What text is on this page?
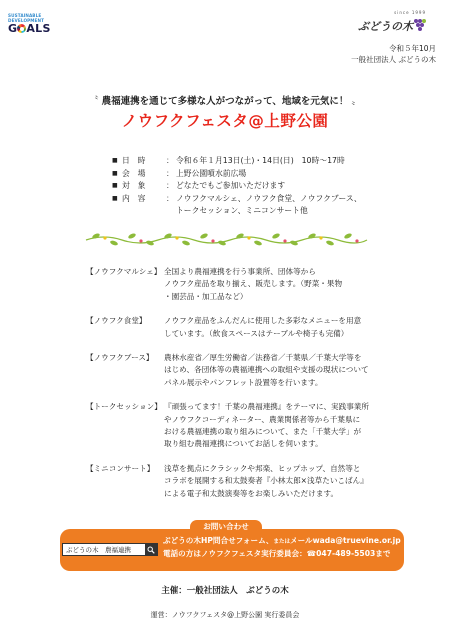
SUSTAINABLE
DEVELOPMENT
G ALS
since 1999
ぶどうの木
令和５年10月
一般社団法人 ぶどうの木
〝 農福連携を通じて多様な人がつながって、地域を元気に！ 〟
ノウフクフェスタ@上野公園
■ 日　時	： 令和６年１月13日(土)・14日(日)　10時～17時
■ 会　場	： 上野公園噴水前広場
■ 対　象	： どなたでもご参加いただけます
■ 内　容	： ノウフクマルシェ、ノウフク食堂、ノウフクブース、
トークセッション、ミニコンサート他
【ノウフクマルシェ】 全国より農福連携を行う事業所、団体等から
ノウフク産品を取り揃え、販売します。（野菜・果物
・園芸品・加工品など）
【ノウフク食堂】	ノウフク産品をふんだんに使用した多彩なメニューを用意
しています。（飲食スペースはテーブルや椅子も完備）
【ノウフクブース】	農林水産省／厚生労働省／法務省／千葉県／千葉大学等を
はじめ、各団体等の農福連携への取組や支援の現状について
パネル展示やパンフレット設置等を行います。
【トークセッション】 『頑張ってます！千葉の農福連携』をテーマに、実践事業所
やノウフクコーディネーター、農業関係者等から千葉県に
おける農福連携の取り組みについて、また「千葉大学」が
取り組む農福連携についてお話しを伺います。
【ミニコンサート】	浅草を拠点にクラシックや邦楽、ヒップホップ、自然等と
コラボを展開する和太鼓奏者『小林太郎×浅草たいこばん』
による電子和太鼓演奏等をお楽しみいただけます。
お問い合わせ
ぶどうの木　農福連携
ぶどうの木HP問合せフォーム、またはメールwada@truevine.or.jp
電話の方はノウフクフェスタ実行委員会：☎047-489-5503まで
主催：一般社団法人　ぶどうの木
運営：ノウフクフェスタ@上野公園 実行委員会
